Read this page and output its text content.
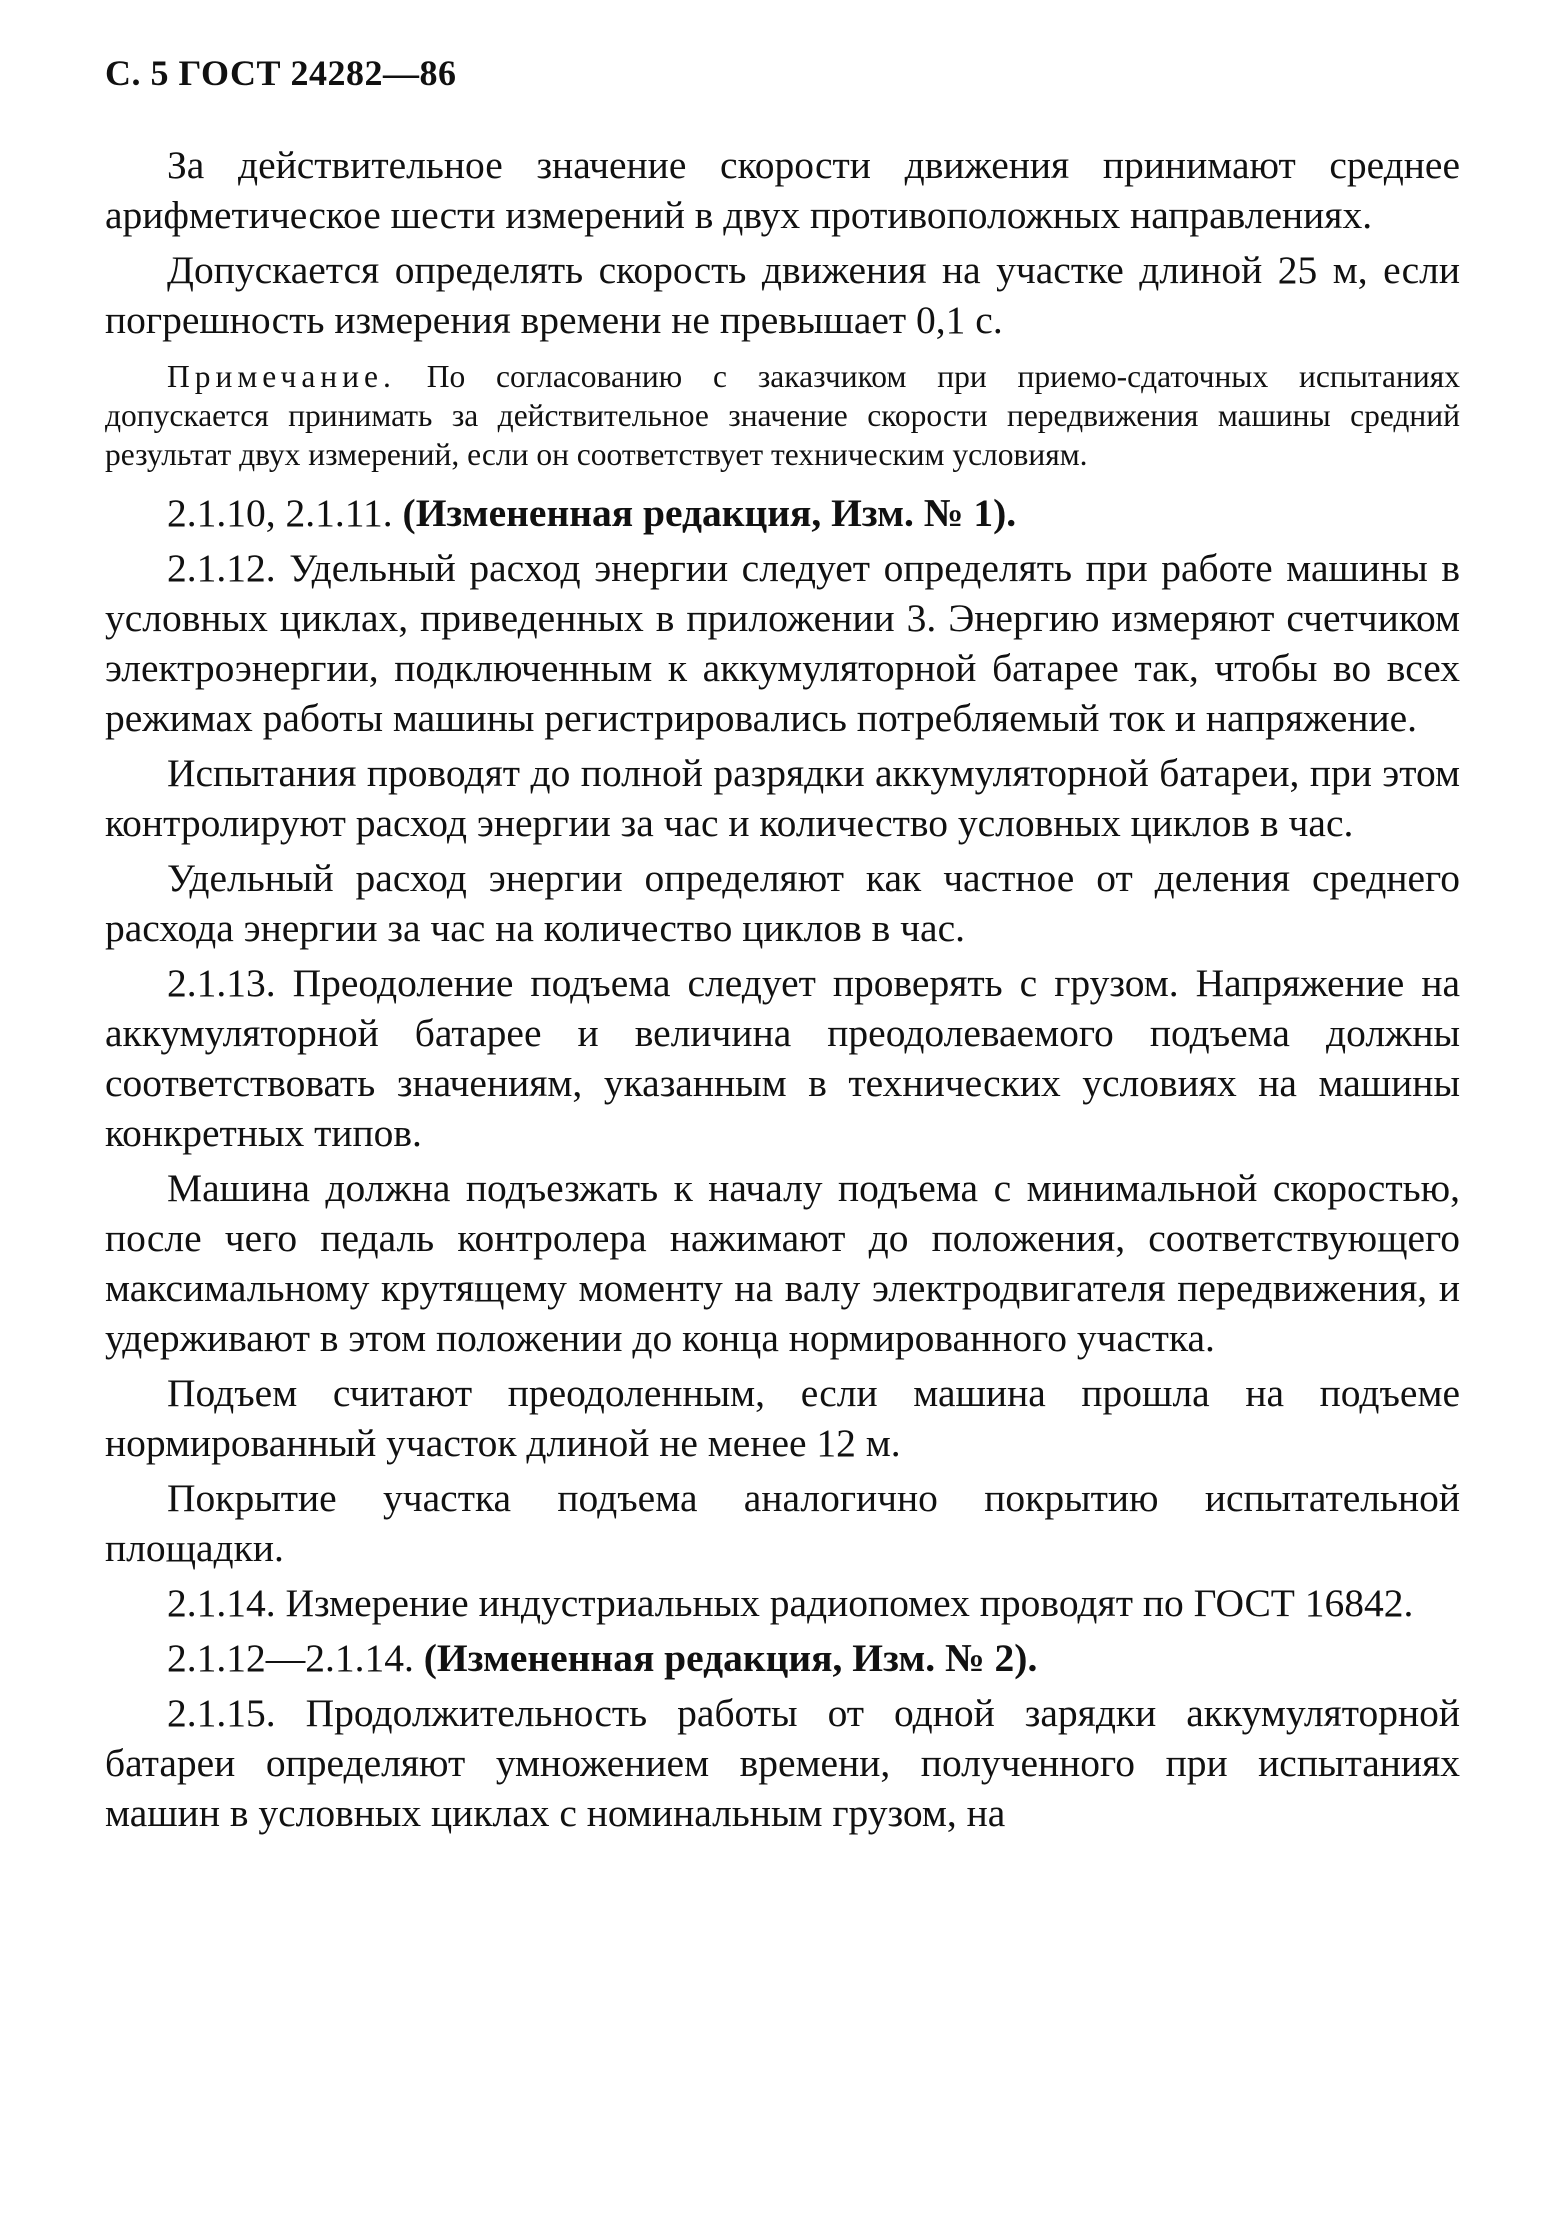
С. 5 ГОСТ 24282—86

За действительное значение скорости движения принимают среднее арифметическое шести измерений в двух противоположных направлениях.

Допускается определять скорость движения на участке длиной 25 м, если погрешность измерения времени не превышает 0,1 с.

Примечание. По согласованию с заказчиком при приемо-сдаточных испытаниях допускается принимать за действительное значение скорости передвижения машины средний результат двух измерений, если он соответствует техническим условиям.

2.1.10, 2.1.11. (Измененная редакция, Изм. № 1).

2.1.12. Удельный расход энергии следует определять при работе машины в условных циклах, приведенных в приложении 3. Энергию измеряют счетчиком электроэнергии, подключенным к аккумуляторной батарее так, чтобы во всех режимах работы машины регистрировались потребляемый ток и напряжение.

Испытания проводят до полной разрядки аккумуляторной батареи, при этом контролируют расход энергии за час и количество условных циклов в час.

Удельный расход энергии определяют как частное от деления среднего расхода энергии за час на количество циклов в час.

2.1.13. Преодоление подъема следует проверять с грузом. Напряжение на аккумуляторной батарее и величина преодолеваемого подъема должны соответствовать значениям, указанным в технических условиях на машины конкретных типов.

Машина должна подъезжать к началу подъема с минимальной скоростью, после чего педаль контролера нажимают до положения, соответствующего максимальному крутящему моменту на валу электродвигателя передвижения, и удерживают в этом положении до конца нормированного участка.

Подъем считают преодоленным, если машина прошла на подъеме нормированный участок длиной не менее 12 м.

Покрытие участка подъема аналогично покрытию испытательной площадки.

2.1.14. Измерение индустриальных радиопомех проводят по ГОСТ 16842.

2.1.12—2.1.14. (Измененная редакция, Изм. № 2).

2.1.15. Продолжительность работы от одной зарядки аккумуляторной батареи определяют умножением времени, полученного при испытаниях машин в условных циклах с номинальным грузом, на
